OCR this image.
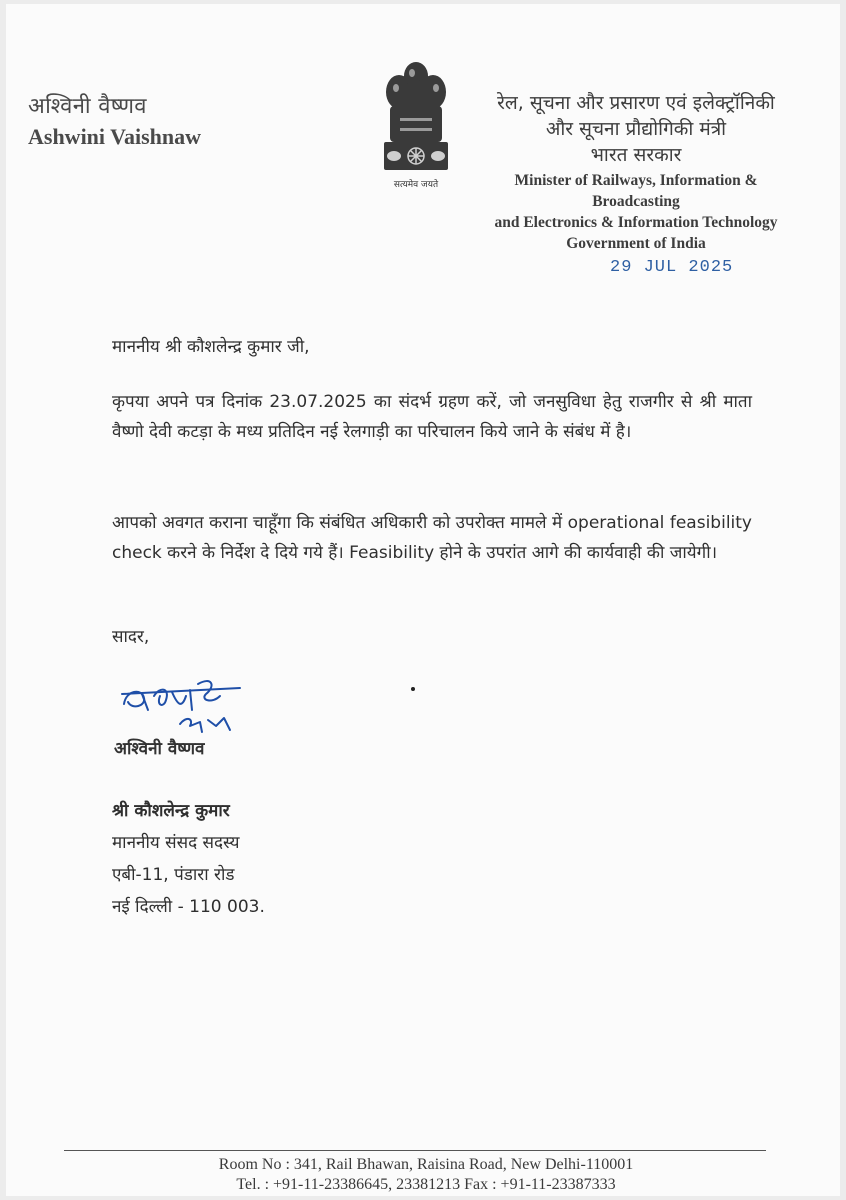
अश्विनी वैष्णव
Ashwini Vaishnaw
सत्यमेव जयते
रेल, सूचना और प्रसारण एवं इलेक्ट्रॉनिकी
और सूचना प्रौद्योगिकी मंत्री
भारत सरकार
Minister of Railways, Information & Broadcasting
and Electronics & Information Technology
Government of India
29 JUL 2025
माननीय श्री कौशलेन्द्र कुमार जी,
कृपया अपने पत्र दिनांक 23.07.2025 का संदर्भ ग्रहण करें, जो जनसुविधा हेतु राजगीर से श्री माता वैष्णो देवी कटड़ा के मध्य प्रतिदिन नई रेलगाड़ी का परिचालन किये जाने के संबंध में है।
आपको अवगत कराना चाहूँगा कि संबंधित अधिकारी को उपरोक्त मामले में operational feasibility check करने के निर्देश दे दिये गये हैं। Feasibility होने के उपरांत आगे की कार्यवाही की जायेगी।
सादर,
अश्विनी वैष्णव
श्री कौशलेन्द्र कुमार
माननीय संसद सदस्य
एबी-11, पंडारा रोड
नई दिल्ली - 110 003.
Room No : 341, Rail Bhawan, Raisina Road, New Delhi-110001
Tel. : +91-11-23386645, 23381213 Fax : +91-11-23387333
